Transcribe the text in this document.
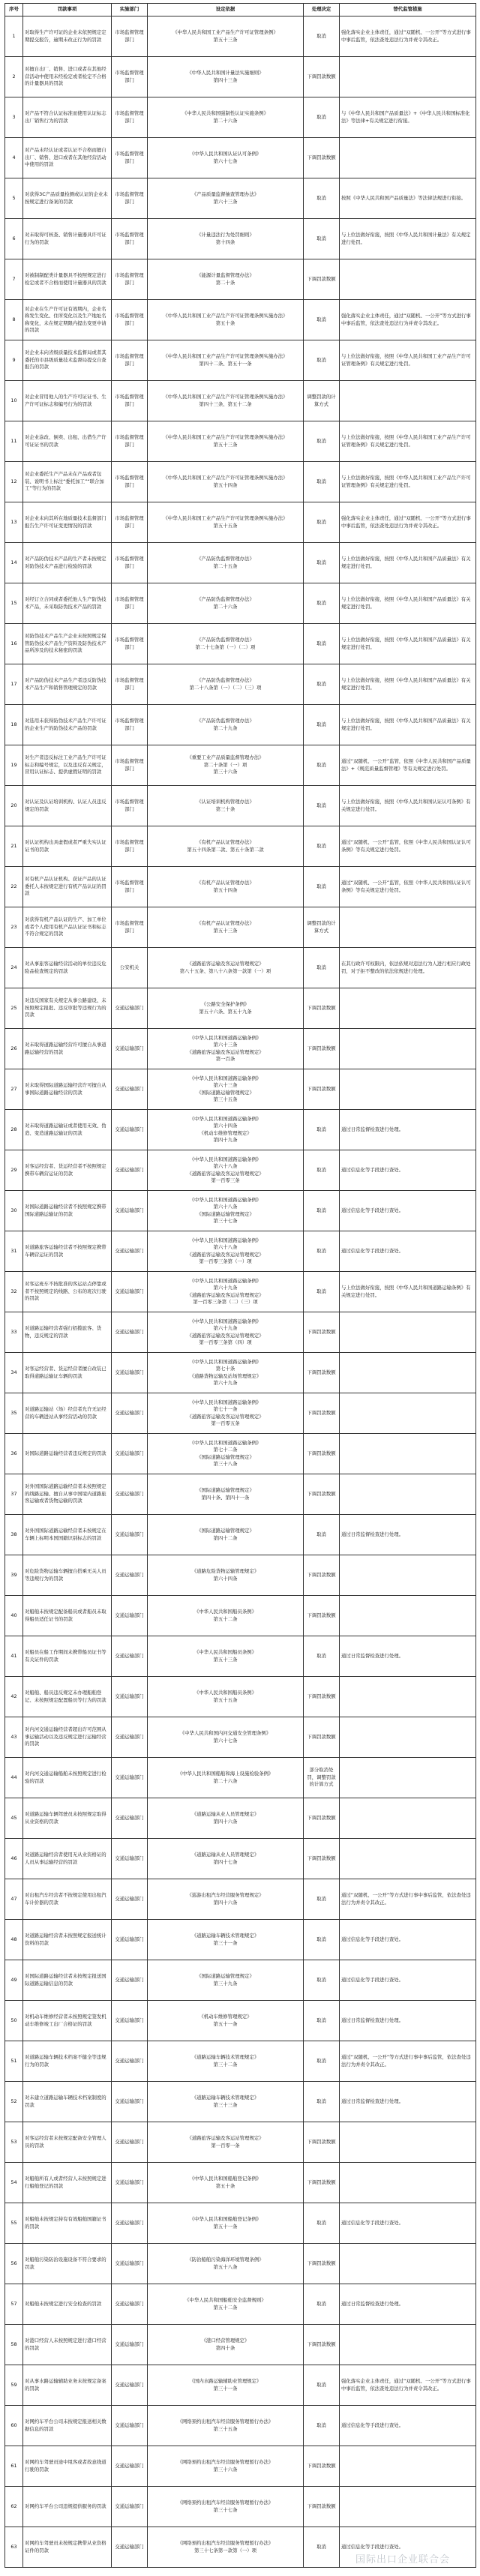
序号	罚款事项	实施部门	设定依据	处理决定	替代监管措施
1	对取得生产许可证的企业未依照规定定期提交报告，逾期未改正行为的罚款	市场监督管理部门	《中华人民共和国工业产品生产许可证管理条例》
第五十三条	取消	强化落实企业主体责任，通过“双随机、一公开”等方式进行事中事后监管，依法查处违法行为并责令其改正。
2	对擅自出厂、销售、进口或者在其他经营活动中使用未经检定或者检定不合格的计量器具的罚款	市场监督管理部门	《中华人民共和国计量法实施细则》
第四十三条	下调罚款数额	
3	对产品不符合认证标准而使用认证标志出厂销售行为的罚款	市场监督管理部门	《中华人民共和国强制性认证实施条例》
第二十六条	取消	与《中华人民共和国产品质量法》+《中华人民共和国标准化法》等法律+有关规定进行衔接。
4	对产品未经认证或者认证不合格而擅自出厂、销售、进口或者在其他经营活动中使用的罚款	市场监督管理部门	《中华人民共和国认证认可条例》
第六十七条	下调罚款数额	
5	对获得3C产品质量检测或认证的企业未按规定进行备案的罚款	市场监督管理部门	《产品质量监督抽查管理办法》
第六十三条	取消	按照《中华人民共和国产品质量法》等法律法规进行衔接。
6	对未取得可核查、销售计量器具许可证行为的罚款	市场监督管理部门	《计量违法行为处罚细则》
第十四条	取消	与上位法做好衔接，按照《中华人民共和国计量法》有关规定进行处罚。
7	对被制制配类计量器具不按照规定进行检定或者不合格而使用计量器具的罚款	市场监督管理部门	《能源计量监督管理办法》
第二十条	下调罚款数额	
8	对企业在生产许可证有效期内，企业名称发生变化、住所变化以及生产地址名称变化，未在规定期限内提出变更申请的罚款	市场监督管理部门	《中华人民共和国工业产品生产许可证管理条例实施办法》
第五十条	取消	强化落实企业主体责任，通过“双随机、一公开”等方式进行事中事后监管，依法查处违法行为并责令其改正。
9	对企业未向省级质量技术监督局或者其委托的市县级质量技术监督局提交自查报告的罚款	市场监督管理部门	《中华人民共和国工业产品生产许可证管理条例实施办法》
第四十二条、第五十一条	取消	与上位法做好衔接，按照《中华人民共和国工业产品生产许可证管理条例》有关规定进行处罚。
10	对企业冒用他人的生产许可证证书、生产许可证标志和编号行为的罚款	市场监督管理部门	《中华人民共和国工业产品生产许可证管理条例实施办法》
第四十三条、第五十二条	调整罚款的计算方式	
11	对企业涂改、倒卖、出租、出借生产许可证证书的罚款	市场监督管理部门	《中华人民共和国工业产品生产许可证管理条例实施办法》
第五十三条	取消	与上位法做好衔接，按照《中华人民共和国工业产品生产许可证管理条例》有关规定进行处罚。
12	对企业委托生产产品未在产品或者包装、说明书上标注“委托加工”“联合加工”等行为的罚款	市场监督管理部门	《中华人民共和国工业产品生产许可证管理条例实施办法》
第五十四条	取消	与上位法做好衔接，按照《中华人民共和国工业产品生产许可证管理条例》有关规定进行处罚。
13	对企业未向其所在地质量技术监督部门报告生产许可证变更情况的罚款	市场监督管理部门	《中华人民共和国工业产品生产许可证管理条例实施办法》
第五十五条	取消	强化落实企业主体责任，通过“双随机、一公开”等方式进行事中事后监管，依法查处违法行为并责令其改正。
14	对产品防伪技术产品的生产者未按规定对防伪技术产品进行检验的罚款	市场监督管理部门	《产品防伪监督管理办法》
第二十五条	取消	与上位法做好衔接，按照《中华人民共和国产品质量法》有关规定进行处罚。
15	对经订立合同或者委托他人生产防伪技术产品，未采取防伪技术产品的罚款	市场监督管理部门	《产品防伪监督管理办法》
第二十六条	取消	与上位法做好衔接，按照《中华人民共和国产品质量法》有关规定进行处罚。
16	对防伪技术产品生产企业未按照规定保管防伪技术产品生产资料及防伪技术产品所涉及的技术秘密的罚款	市场监督管理部门	《产品防伪监督管理办法》
第二十七条第（一）（二）项	取消	与上位法做好衔接，按照《中华人民共和国产品质量法》有关规定进行处罚。
17	对产品防伪技术产品生产者违反防伪技术产品生产和销售管理规定的罚款	市场监督管理部门	《产品防伪监督管理办法》
第二十八条第（一）（二）（三）项	取消	与上位法做好衔接，按照《中华人民共和国产品质量法》有关规定进行处罚。
18	对选用未获得防伪技术产品生产许可证的企业生产的防伪技术产品的罚款	市场监督管理部门	《产品防伪监督管理办法》
第二十九条	取消	与上位法做好衔接，按照《中华人民共和国产品质量法》有关规定进行处罚。
19	对生产者违反标注工业产品生产许可证标志和编号规定，以及违反有关规定，冒用认证标志、提供虚假证明的罚款	市场监督管理部门	《重要工业产品质量监督管理办法》
第二十条第（一）项
第三十六条	取消	通过“双随机、一公开”监管，依照《中华人民共和国产品质量法》+《规范质量监督管理》等有关规定进行处罚。
20	对认证及认证培训机构、认证人员违反规定的罚款	市场监督管理部门	《认证培训机构管理办法》
第三十条	取消	与上位法做好衔接，按照《中华人民共和国认证认可条例》有关规定进行处罚。
21	对认证机构出具虚假或者严重失实认证证书的罚款	市场监督管理部门	《有机产品认证管理办法》
第五十四条第二款、第五十条第二款	取消	通过“双随机、一公开”监管，依照《中华人民共和国认证认可条例》等有关规定进行处罚。
22	对有机产品认证机构、获证产品的认证委托人未按规定进行有机产品认证的罚款	市场监督管理部门	《有机产品认证管理办法》
第五十四条	取消	通过“双随机、一公开”监管，依照《中华人民共和国认证认可条例》等有关规定进行处罚。
23	对获得有机产品认证的生产、加工单位或者个人使用有机产品认证证书和标志不符合规定的罚款	市场监督管理部门	《有机产品认证管理办法》
第五十三条	调整罚款的计算方式	
24	对从事旅客运输经营活动的单位违反危险品检查规定的罚款	公安机关	《道路旅客运输及客运站管理规定》
第八十五条、第八十六条第一款第（一）项	取消	在其行政许可权限内，依法依规对违法行为人进行相应行政处罚，对于拒不整改的依法依规进行处理。
25	对违反国家有关规定从事公路建设、未按照规定报批、违反审批等违规行为的罚款	交通运输部门	《公路安全保护条例》
第五十六条、第五十九条	下调罚款数额	
26	对未取得道路运输经营许可擅自从事道路运输经营的罚款	交通运输部门	《中华人民共和国道路运输条例》
第六十三条
《道路旅客运输及客运站管理规定》
第一百条	下调罚款数额	
27	对未取得国际道路运输经营许可擅自从事国际道路运输经营的罚款	交通运输部门	《中华人民共和国道路运输条例》
第六十三条
《国际道路运输管理规定》
第三十五条	下调罚款数额	
28	对未取得道路运输证或者使用无效、伪造、变造道路运输证的罚款	交通运输部门	《中华人民共和国道路运输条例》
第六十四条
《机动车维修管理规定》
第四十九条	取消	通过日常监督检查进行处理。
29	对客运经营者、货运经营者不按照规定携带车辆营运证的罚款	交通运输部门	《中华人民共和国道路运输条例》
第六十八条
《道路旅客运输及客运站管理规定》
第一百零三条	取消	通过信息化等手段进行查处。
30	对国际道路运输经营者不按照规定携带国际道路运输证的罚款	交通运输部门	《中华人民共和国道路运输条例》
第六十八条
《国际道路运输管理规定》
第三十七条	取消	通过信息化等手段进行查处。
31	对道路旅客运输经营者不按照规定携带车辆营运证的罚款	交通运输部门	《中华人民共和国道路运输条例》
第六十八条
《道路旅客运输及客运站管理规定》
第一百零三条第（一）项	取消	通过信息化等手段进行查处。
32	对客运班车不按批准的客运站点停靠或者不按照规定的线路、公布的班次行驶的罚款	交通运输部门	《中华人民共和国道路运输条例》
第六十九条
《道路旅客运输及客运站管理规定》
第一百零三条第（二）（三）项	取消	与上位法做好衔接，按照《中华人民共和国道路运输条例》有关规定进行处罚。
33	对道路运输经营者强行招揽旅客、货物，违反规定的罚款	交通运输部门	《中华人民共和国道路运输条例》
第六十九条
《道路旅客运输及客运站管理规定》
第一百零三条第（四）项	下调罚款数额	
34	对客运经营者、货运经营者擅自改装已取得道路运输证车辆的罚款	交通运输部门	《中华人民共和国道路运输条例》
第七十条
《道路货物运输及站场管理规定》
第六十九条	下调罚款数额	
35	对道路运输站（场）经营者允许无证经营的车辆进站从事经营活动的罚款	交通运输部门	《中华人民共和国道路运输条例》
第七十一条
《道路旅客运输及客运站管理规定》
第一百零五条	下调罚款数额	
36	对国际道路运输经营者违反规定的罚款	交通运输部门	《中华人民共和国道路运输条例》
第七十二条
《国际道路运输管理规定》
第三十八条	下调罚款数额	
37	对外国国际道路运输经营者未按照规定的线路运输、擅自从事中国境内道路旅客运输或者货物运输的罚款	交通运输部门	《国际道路运输管理规定》
第四十条、第四十一条	下调罚款数额	
38	对外国国际道路运输经营者未按规定在车辆上标明本国国籍识别标志的罚款	交通运输部门	《国际道路运输管理规定》
第四十二条	取消	通过日常监督检查进行处理。
39	对危险货物运输车辆擅自搭乘无关人员等违规行为的罚款	交通运输部门	《道路危险货物运输管理规定》
第六十四条	下调罚款数额	
40	对船舶未按规定配备船员或者船员未取得船员适任证书的罚款	交通运输部门	《中华人民共和国船员条例》
第五十二条	下调罚款数额	
41	对船员在船工作期间未携带船员证书等有关证件的罚款	交通运输部门	《中华人民共和国船员条例》
第五十三条	取消	通过日常监督检查进行处理。
42	对船舶、船员违反规定未办理船舶登记、未按照规定配置船员等行为的罚款	交通运输部门	《中华人民共和国船员条例》
第五十五条	下调罚款数额	
43	对内河交通运输经营者超出许可范围从事运输活动以及违反规定进行运输经营的罚款	交通运输部门	《中华人民共和国内河交通安全管理条例》
第六十七条	下调罚款数额	
44	对内河交通运输船舶未按照规定进行检验的罚款	交通运输部门	《中华人民共和国船舶和海上设施检验条例》
第二十六条	部分取消处罚，调整罚款的计算方式	
45	对道路运输车辆驾驶员未按照规定取得从业资格的罚款	交通运输部门	《道路运输从业人员管理规定》
第四十六条	下调罚款数额	
46	对道路运输经营者使用无从业资格证的人员从事运输经营的罚款	交通运输部门	《道路运输从业人员管理规定》
第四十七条	下调罚款数额	
47	对出租汽车经营者不按规定使用出租汽车计价器的罚款	交通运输部门	《巡游出租汽车经营服务管理规定》
第四十六条	取消	通过“双随机、一公开”等方式进行事中事后监管，依法查处违法行为并责令其改正。
48	对道路运输经营者未按照规定报送统计资料的罚款	交通运输部门	《道路运输车辆技术管理规定》
第三十一条	取消	通过信息化等手段进行查处。
49	对国际道路运输经营者未按规定报送国际道路运输信息的罚款	交通运输部门	《国际道路运输管理规定》
第三十九条	取消	通过信息化等手段进行查处。
50	对机动车维修经营者未按照规定签发机动车维修竣工出厂合格证的罚款	交通运输部门	《机动车维修管理规定》
第五十一条	取消	通过日常监督检查进行处理。
51	对道路运输车辆技术档案不健全等违规行为的罚款	交通运输部门	《道路运输车辆技术管理规定》
第三十二条	取消	通过“双随机、一公开”等方式进行事中事后监管，依法查处违法行为并责令其改正。
52	对未建立道路运输车辆技术档案制度的罚款	交通运输部门	《道路运输车辆技术管理规定》
第三十三条	取消	通过日常监督检查进行处理。
53	对客运经营者未按规定配备安全管理人员的罚款	交通运输部门	《道路旅客运输及客运站管理规定》
第一百零一条	下调罚款数额	
54	对船舶所有人或者经营人未按照规定进行船舶登记的罚款	交通运输部门	《中华人民共和国船舶登记条例》
第五十条	下调罚款数额	
55	对船舶未按规定持有有效船舶国籍证书的罚款	交通运输部门	《中华人民共和国船舶登记条例》
第五十一条	取消	通过信息化等手段进行查处。
56	对船舶污染防治设施设备不符合要求的罚款	交通运输部门	《防治船舶污染海洋环境管理条例》
第五十八条	下调罚款数额	
57	对船舶未按规定进行安全检查的罚款	交通运输部门	《中华人民共和国船舶安全监督规则》
第五十二条	取消	通过日常监督检查进行处理。
58	对港口经营人未按照规定进行港口经营的罚款	交通运输部门	《港口经营管理规定》
第四十条	下调罚款数额	
59	对从事水路运输辅助业务未按规定备案的罚款	交通运输部门	《国内水路运输辅助业管理规定》
第三十一条	取消	强化落实企业主体责任，通过“双随机、一公开”等方式进行事中事后监管，依法查处违法行为并责令其改正。
60	对网约车平台公司未按规定报送相关数据信息的罚款	交通运输部门	《网络预约出租汽车经营服务管理暂行办法》
第三十五条	取消	通过信息化等手段进行查处。
61	对网约车驾驶员途中甩客或者故意绕道行驶的罚款	交通运输部门	《网络预约出租汽车经营服务管理暂行办法》
第三十六条	下调罚款数额	
62	对网约车平台公司违规提供服务的罚款	交通运输部门	《网络预约出租汽车经营服务管理暂行办法》
第三十七条	下调罚款数额	
63	对网约车驾驶员未按规定携带从业资格证件的罚款	交通运输部门	《网络预约出租汽车经营服务管理暂行办法》
第三十七条第一款第（一）项	取消	通过信息化等手段进行查处。
国际出口企业联合会
